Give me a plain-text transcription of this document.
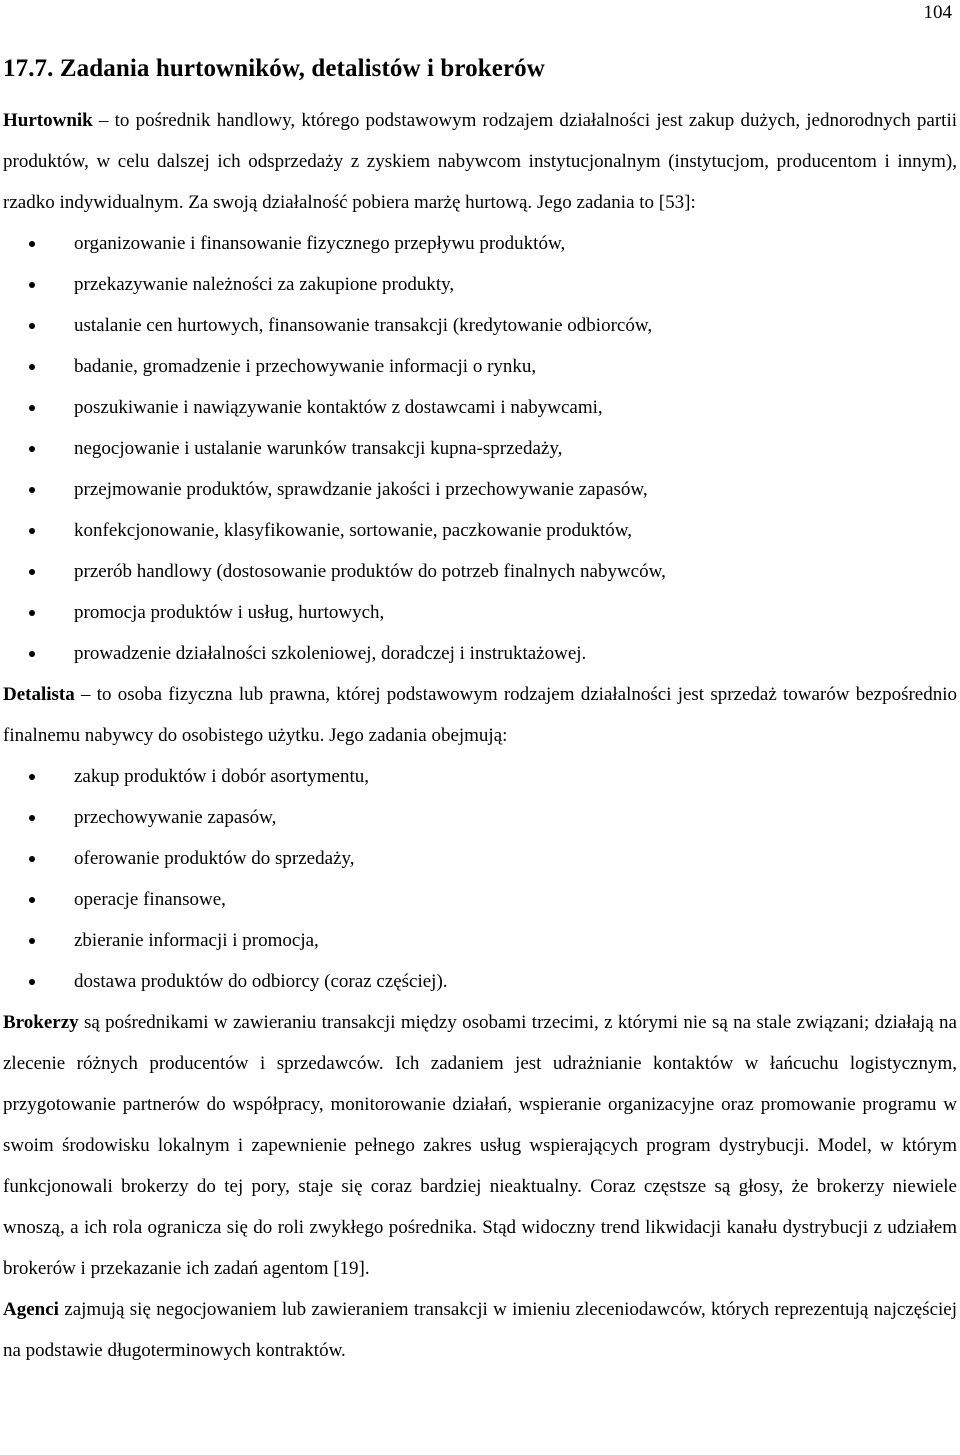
104
17.7. Zadania hurtowników, detalistów i brokerów

Hurtownik – to pośrednik handlowy, którego podstawowym rodzajem działalności jest zakup dużych, jednorodnych partii produktów, w celu dalszej ich odsprzedaży z zyskiem nabywcom instytucjonalnym (instytucjom, producentom i innym), rzadko indywidualnym. Za swoją działalność pobiera marżę hurtową. Jego zadania to [53]:

organizowanie i finansowanie fizycznego przepływu produktów,
przekazywanie należności za zakupione produkty,
ustalanie cen hurtowych, finansowanie transakcji (kredytowanie odbiorców,
badanie, gromadzenie i przechowywanie informacji o rynku,
poszukiwanie i nawiązywanie kontaktów z dostawcami i nabywcami,
negocjowanie i ustalanie warunków transakcji kupna-sprzedaży,
przejmowanie produktów, sprawdzanie jakości i przechowywanie zapasów,
konfekcjonowanie, klasyfikowanie, sortowanie, paczkowanie produktów,
przerób handlowy (dostosowanie produktów do potrzeb finalnych nabywców,
promocja produktów i usług, hurtowych,
prowadzenie działalności szkoleniowej, doradczej i instruktażowej.

Detalista – to osoba fizyczna lub prawna, której podstawowym rodzajem działalności jest sprzedaż towarów bezpośrednio finalnemu nabywcy do osobistego użytku. Jego zadania obejmują:

zakup produktów i dobór asortymentu,
przechowywanie zapasów,
oferowanie produktów do sprzedaży,
operacje finansowe,
zbieranie informacji i promocja,
dostawa produktów do odbiorcy (coraz częściej).

Brokerzy są pośrednikami w zawieraniu transakcji między osobami trzecimi, z którymi nie są na stale związani; działają na zlecenie różnych producentów i sprzedawców. Ich zadaniem jest udrażnianie kontaktów w łańcuchu logistycznym, przygotowanie partnerów do współpracy, monitorowanie działań, wspieranie organizacyjne oraz promowanie programu w swoim środowisku lokalnym i zapewnienie pełnego zakres usług wspierających program dystrybucji. Model, w którym funkcjonowali brokerzy do tej pory, staje się coraz bardziej nieaktualny. Coraz częstsze są głosy, że brokerzy niewiele wnoszą, a ich rola ogranicza się do roli zwykłego pośrednika. Stąd widoczny trend likwidacji kanału dystrybucji z udziałem brokerów i przekazanie ich zadań agentom [19].

Agenci zajmują się negocjowaniem lub zawieraniem transakcji w imieniu zleceniodawców, których reprezentują najczęściej na podstawie długoterminowych kontraktów.
